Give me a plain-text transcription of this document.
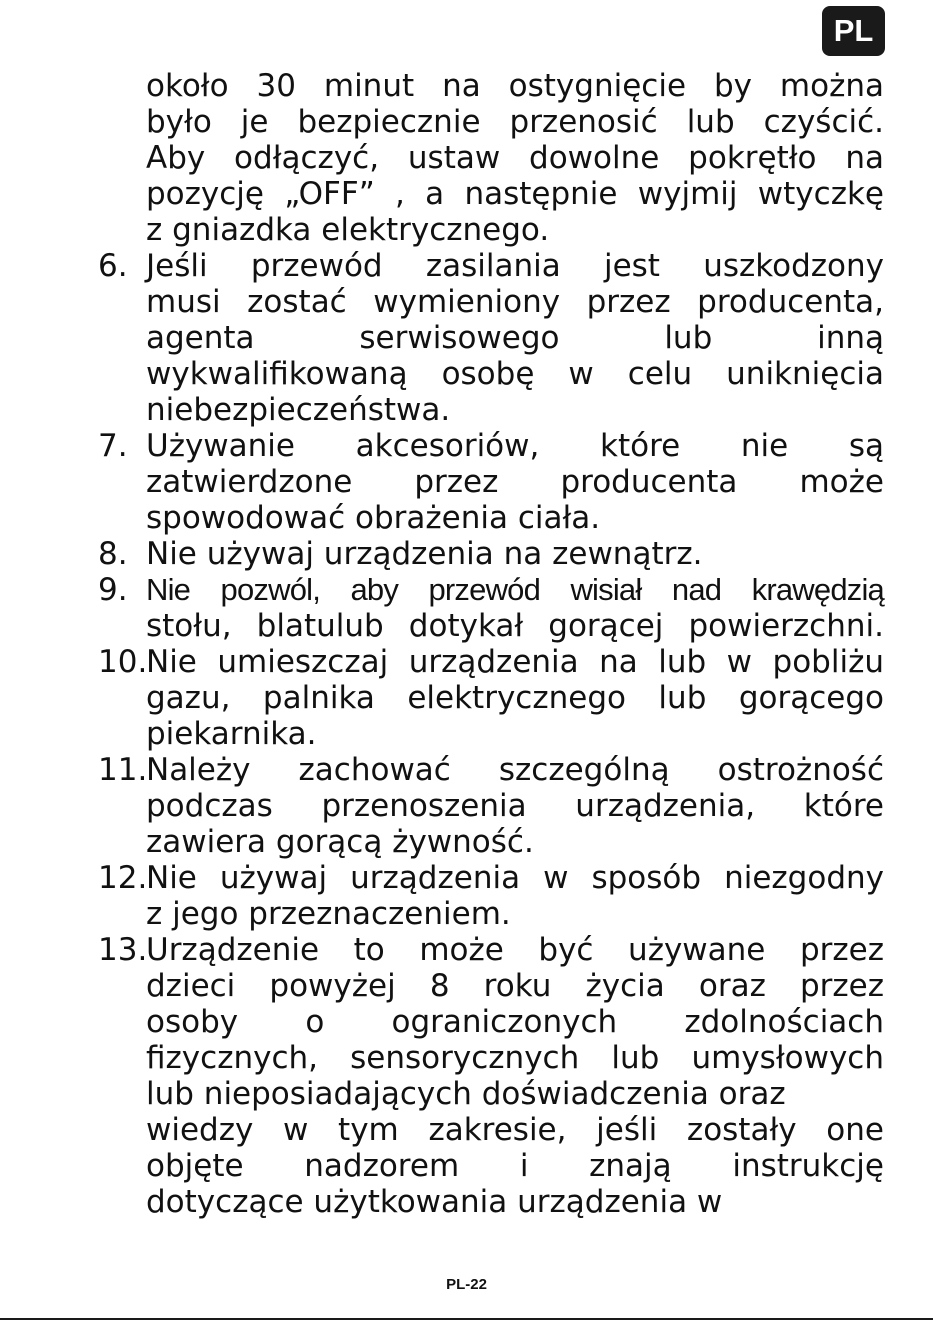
PL
około 30 minut na ostygnięcie by można
było je bezpiecznie przenosić lub czyścić.
Aby odłączyć, ustaw dowolne pokrętło na
pozycję „OFF” , a następnie wyjmij wtyczkę
z gniazdka elektrycznego.
6. Jeśli przewód zasilania jest uszkodzony
musi zostać wymieniony przez producenta,
agenta serwisowego lub inną
wykwalifikowaną osobę w celu uniknięcia
niebezpieczeństwa.
7. Używanie akcesoriów, które nie są
zatwierdzone przez producenta może
spowodować obrażenia ciała.
8. Nie używaj urządzenia na zewnątrz.
9. Nie pozwól, aby przewód wisiał nad krawędzią
stołu, blatulub dotykał gorącej powierzchni.
10.
Nie umieszczaj urządzenia na lub w pobliżu
gazu, palnika elektrycznego lub gorącego
piekarnika.
11.
Należy zachować szczególną ostrożność
podczas przenoszenia urządzenia, które
zawiera gorącą żywność.
12.
Nie używaj urządzenia w sposób niezgodny
z jego przeznaczeniem.
13.
Urządzenie to może być używane przez
dzieci powyżej 8 roku życia oraz przez
osoby o ograniczonych zdolnościach
fizycznych, sensorycznych lub umysłowych
lub nieposiadających doświadczenia oraz
wiedzy w tym zakresie, jeśli zostały one
objęte nadzorem i znają instrukcję
dotyczące użytkowania urządzenia w
PL-22
